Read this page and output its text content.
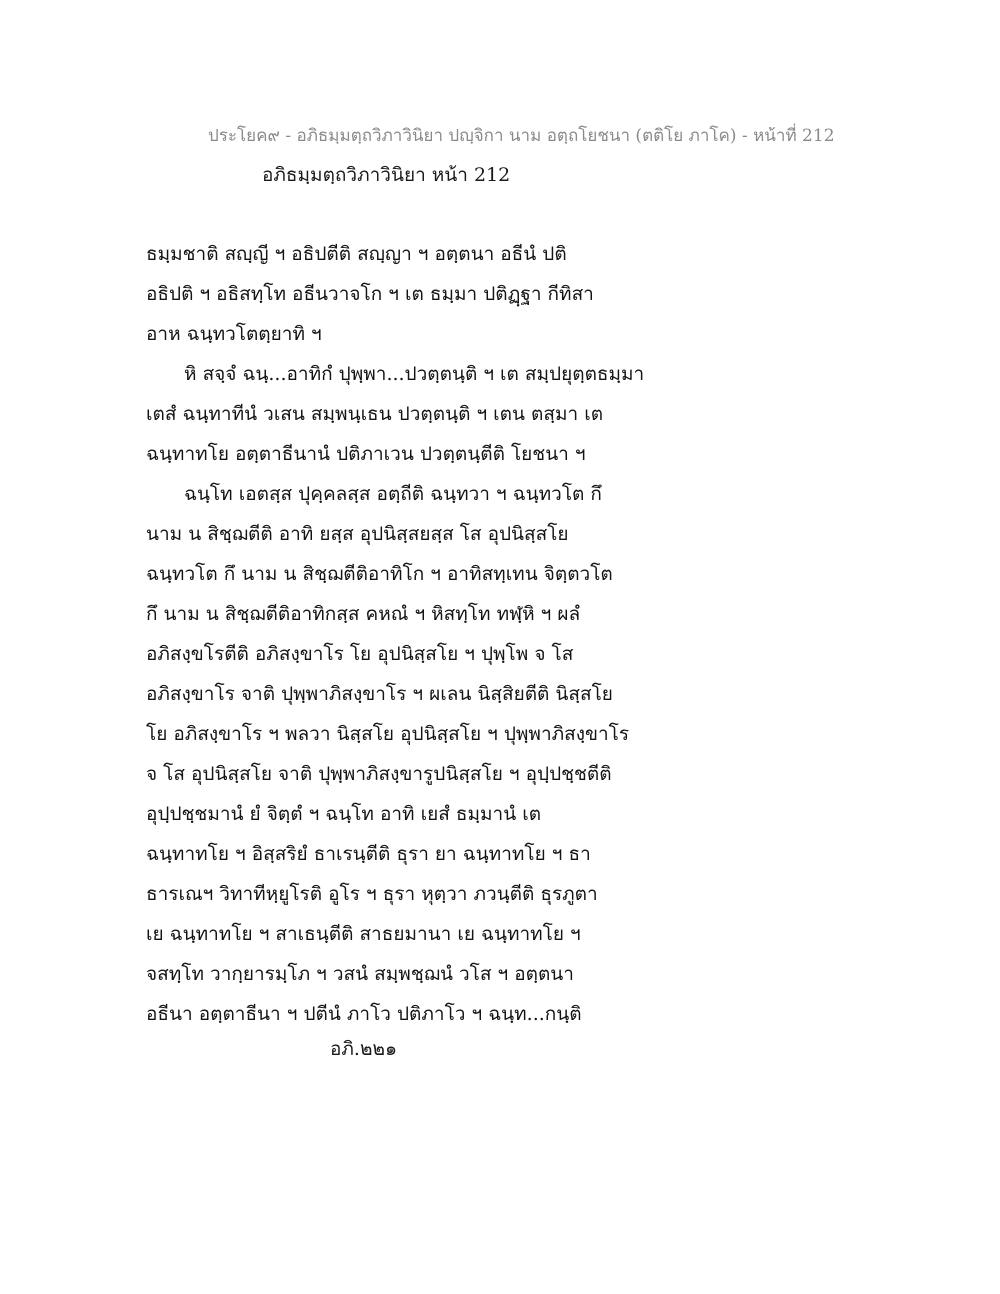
ประโยค๙ - อภิธมฺมตฺถวิภาวินิยา ปญฺจิกา นาม อตฺถโยชนา (ตติโย ภาโค) - หน้าที่ 212
อภิธมฺมตฺถวิภาวินิยา หน้า 212
ธมฺมชาติ สญฺญี ฯ อธิปตีติ สญฺญา ฯ อตฺตนา อธีนํ ปติ
อธิปติ ฯ อธิสทฺโท อธีนวาจโก ฯ เต ธมฺมา ปติฏฺฐา กีทิสา
อาห ฉนฺทวโตตฺยาทิ ฯ
หิ สจฺจํ ฉนฺ...อาทิกํ ปุพฺพา...ปวตฺตนฺติ ฯ เต สมฺปยุตฺตธมฺมา
เตสํ ฉนฺทาทีนํ วเสน สมฺพนฺเธน ปวตฺตนฺติ ฯ เตน ตสฺมา เต
ฉนฺทาทโย อตฺตาธีนานํ ปติภาเวน ปวตฺตนฺตีติ โยชนา ฯ
ฉนฺโท เอตสฺส ปุคฺคลสฺส อตฺถีติ ฉนฺทวา ฯ ฉนฺทวโต กึ
นาม น สิชฺฌตีติ อาทิ ยสฺส อุปนิสฺสยสฺส โส อุปนิสฺสโย
ฉนฺทวโต กึ นาม น สิชฺฌตีติอาทิโก ฯ อาทิสทฺเทน จิตฺตวโต
กึ นาม น สิชฺฌตีติอาทิกสฺส คหณํ ฯ หิสทฺโท ทฬฺหิ ฯ ผลํ
อภิสงฺขโรตีติ อภิสงฺขาโร โย อุปนิสฺสโย ฯ ปุพฺโพ จ โส
อภิสงฺขาโร จาติ ปุพฺพาภิสงฺขาโร ฯ ผเลน นิสฺสิยตีติ นิสฺสโย
โย อภิสงฺขาโร ฯ พลวา นิสฺสโย อุปนิสฺสโย ฯ ปุพฺพาภิสงฺขาโร
จ โส อุปนิสฺสโย จาติ ปุพฺพาภิสงฺขารูปนิสฺสโย ฯ อุปฺปชฺชตีติ
อุปฺปชฺชมานํ ยํ จิตฺตํ ฯ ฉนฺโท อาทิ เยสํ ธมฺมานํ เต
ฉนฺทาทโย ฯ อิสฺสริยํ ธาเรนฺตีติ ธุรา ยา ฉนฺทาทโย ฯ ธา
ธารเณฯ วิทาทีหฺยูโรติ อูโร ฯ ธุรา หุตฺวา ภวนฺตีติ ธุรภูตา
เย ฉนฺทาทโย ฯ สาเธนฺตีติ สาธยมานา เย ฉนฺทาทโย ฯ
จสทฺโท วากฺยารมฺโภ ฯ วสนํ สมฺพชฺฌนํ วโส ฯ อตฺตนา
อธีนา อตฺตาธีนา ฯ ปตีนํ ภาโว ปติภาโว ฯ ฉนฺท...กนฺติ
อภิ.๒๒๑
